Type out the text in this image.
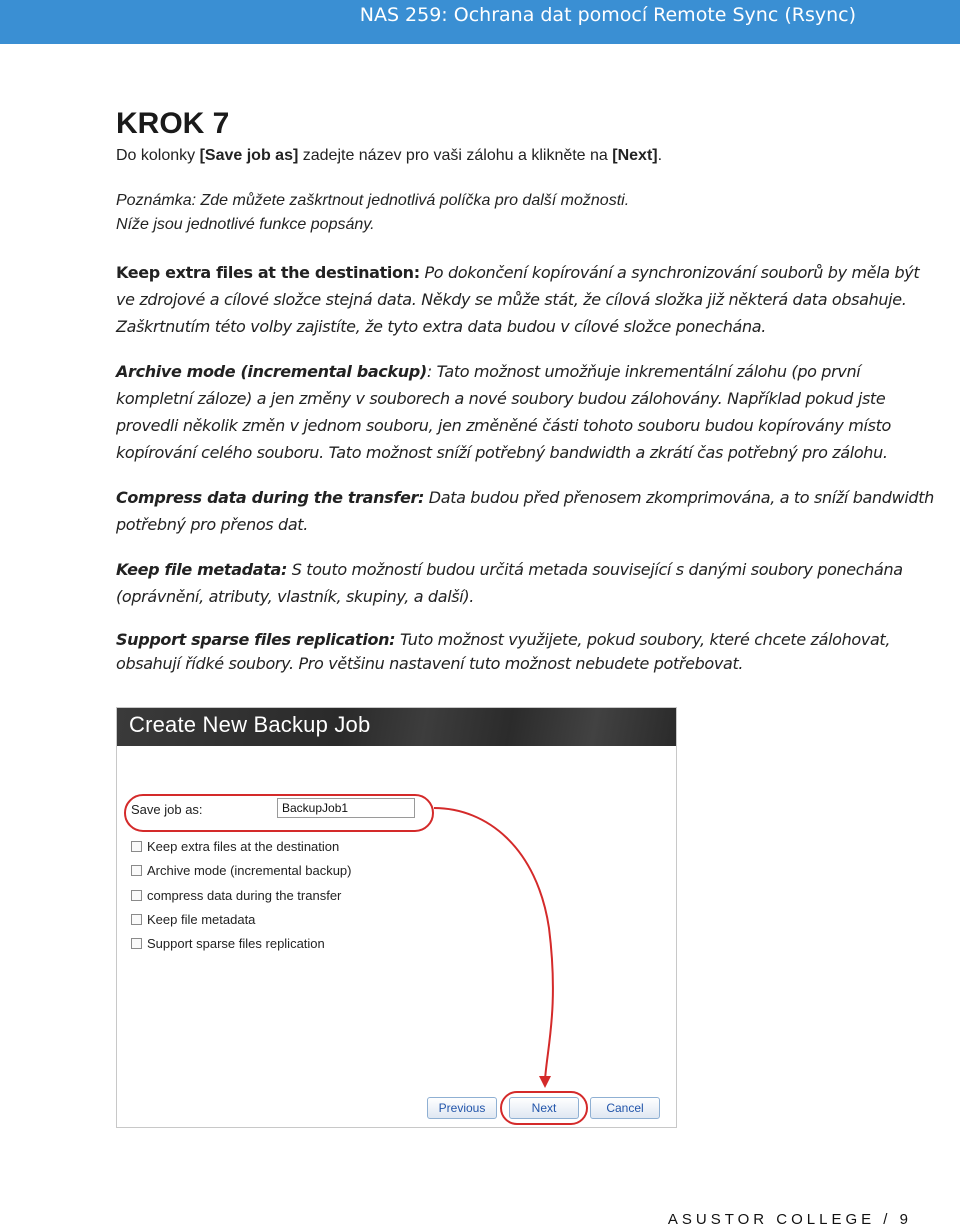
NAS 259: Ochrana dat pomocí Remote Sync (Rsync)
KROK 7

Do kolonky [Save job as] zadejte název pro vaši zálohu a klikněte na [Next].

Poznámka: Zde můžete zaškrtnout jednotlivá políčka pro další možnosti.
Níže jsou jednotlivé funkce popsány.
Keep extra files at the destination: Po dokončení kopírování a synchronizování souborů by měla být ve zdrojové a cílové složce stejná data. Někdy se může stát, že cílová složka již některá data obsahuje. Zaškrtnutím této volby zajistíte, že tyto extra data budou v cílové složce ponechána.
Archive mode (incremental backup): Tato možnost umožňuje inkrementální zálohu (po první kompletní záloze) a jen změny v souborech a nové soubory budou zálohovány. Například pokud jste provedli několik změn v jednom souboru, jen změněné části tohoto souboru budou kopírovány místo kopírování celého souboru. Tato možnost sníží potřebný bandwidth a zkrátí čas potřebný pro zálohu.
Compress data during the transfer: Data budou před přenosem zkomprimována, a to sníží bandwidth potřebný pro přenos dat.
Keep file metadata: S touto možností budou určitá metada související s danými soubory ponechána (oprávnění, atributy, vlastník, skupiny, a další).
Support sparse files replication: Tuto možnost využijete, pokud soubory, které chcete zálohovat, obsahují řídké soubory. Pro většinu nastavení tuto možnost nebudete potřebovat.
Create New Backup Job
Save job as:	BackupJob1
Keep extra files at the destination
Archive mode (incremental backup)
compress data during the transfer
Keep file metadata
Support sparse files replication
Previous	Next	Cancel
ASUSTOR COLLEGE / 9
